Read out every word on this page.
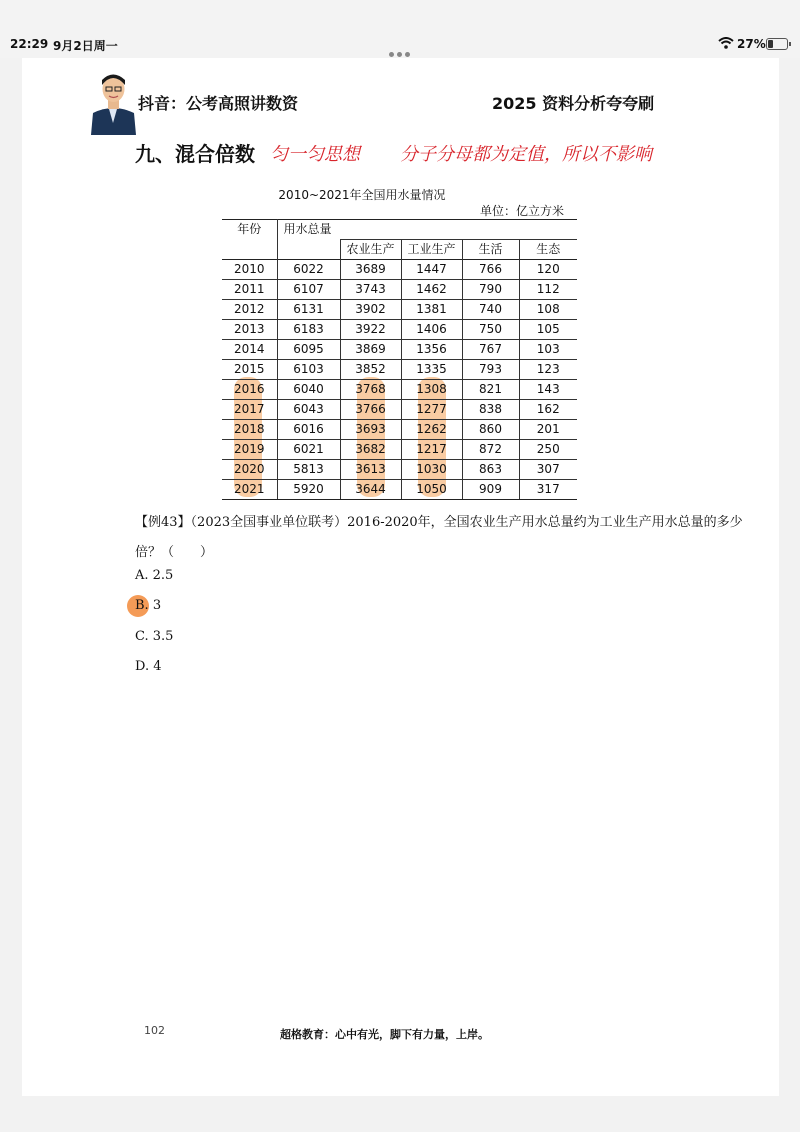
22:29 9月2日周一	27%
抖音：公考高照讲数资	2025 资料分析夸夸刷
九、混合倍数 匀一匀思想 分子分母都为定值，所以不影响
2010~2021年全国用水量情况
单位：亿立方米
年份	用水总量				
		农业生产	工业生产	生活	生态
2010	6022	3689	1447	766	120
2011	6107	3743	1462	790	112
2012	6131	3902	1381	740	108
2013	6183	3922	1406	750	105
2014	6095	3869	1356	767	103
2015	6103	3852	1335	793	123
2016	6040	3768	1308	821	143
2017	6043	3766	1277	838	162
2018	6016	3693	1262	860	201
2019	6021	3682	1217	872	250
2020	5813	3613	1030	863	307
2021	5920	3644	1050	909	317
【例43】（2023全国事业单位联考）2016-2020年，全国农业生产用水总量约为工业生产用水总量的多少倍？（　　）
A. 2.5
B. 3
C. 3.5
D. 4
102	超格教育：心中有光，脚下有力量，上岸。
